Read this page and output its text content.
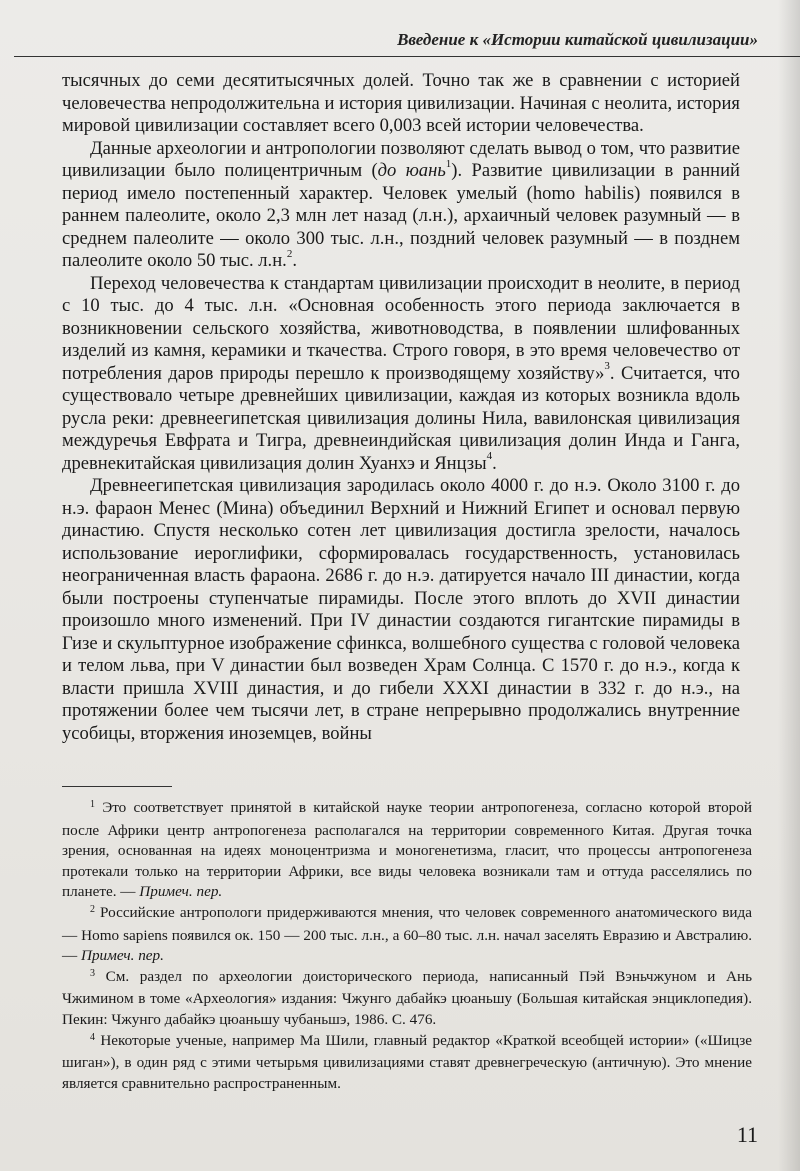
Введение к «Истории китайской цивилизации»

тысячных до семи десятитысячных долей. Точно так же в сравнении с историей человечества непродолжительна и история цивилизации. Начиная с неолита, история мировой цивилизации составляет всего 0,003 всей истории человечества.

Данные археологии и антропологии позволяют сделать вывод о том, что развитие цивилизации было полицентричным (до юань$^1$). Развитие цивилизации в ранний период имело постепенный характер. Человек умелый (homo habilis) появился в раннем палеолите, около 2,3 млн лет назад (л.н.), архаичный человек разумный — в среднем палеолите — около 300 тыс. л.н., поздний человек разумный — в позднем палеолите около 50 тыс. л.н.$^2$.

Переход человечества к стандартам цивилизации происходит в неолите, в период с 10 тыс. до 4 тыс. л.н. «Основная особенность этого периода заключается в возникновении сельского хозяйства, животноводства, в появлении шлифованных изделий из камня, керамики и ткачества. Строго говоря, в это время человечество от потребления даров природы перешло к производящему хозяйству»$^3$. Считается, что существовало четыре древнейших цивилизации, каждая из которых возникла вдоль русла реки: древнеегипетская цивилизация долины Нила, вавилонская цивилизация междуречья Евфрата и Тигра, древнеиндийская цивилизация долин Инда и Ганга, древнекитайская цивилизация долин Хуанхэ и Янцзы$^4$.

Древнеегипетская цивилизация зародилась около 4000 г. до н.э. Около 3100 г. до н.э. фараон Менес (Мина) объединил Верхний и Нижний Египет и основал первую династию. Спустя несколько сотен лет цивилизация достигла зрелости, началось использование иероглифики, сформировалась государственность, установилась неограниченная власть фараона. 2686 г. до н.э. датируется начало III династии, когда были построены ступенчатые пирамиды. После этого вплоть до XVII династии произошло много изменений. При IV династии создаются гигантские пирамиды в Гизе и скульптурное изображение сфинкса, волшебного существа с головой человека и телом льва, при V династии был возведен Храм Солнца. С 1570 г. до н.э., когда к власти пришла XVIII династия, и до гибели XXXI династии в 332 г. до н.э., на протяжении более чем тысячи лет, в стране непрерывно продолжались внутренние усобицы, вторжения иноземцев, войны

$^1$ Это соответствует принятой в китайской науке теории антропогенеза, согласно которой второй после Африки центр антропогенеза располагался на территории современного Китая. Другая точка зрения, основанная на идеях моноцентризма и моногенетизма, гласит, что процессы антропогенеза протекали только на территории Африки, все виды человека возникали там и оттуда расселялись по планете. — Примеч. пер.

$^2$ Российские антропологи придерживаются мнения, что человек современного анатомического вида — Homo sapiens появился ок. 150 — 200 тыс. л.н., а 60–80 тыс. л.н. начал заселять Евразию и Австралию. — Примеч. пер.

$^3$ См. раздел по археологии доисторического периода, написанный Пэй Вэньчжуном и Ань Чжиминoм в томе «Археология» издания: Чжунго дабайкэ цюаньшу (Большая китайская энциклопедия). Пекин: Чжунго дабайкэ цюаньшу чубаньшэ, 1986. С. 476.

$^4$ Некоторые ученые, например Ма Шили, главный редактор «Краткой всеобщей истории» («Шицзе шиган»), в один ряд с этими четырьмя цивилизациями ставят древнегреческую (античную). Это мнение является сравнительно распространенным.

11
